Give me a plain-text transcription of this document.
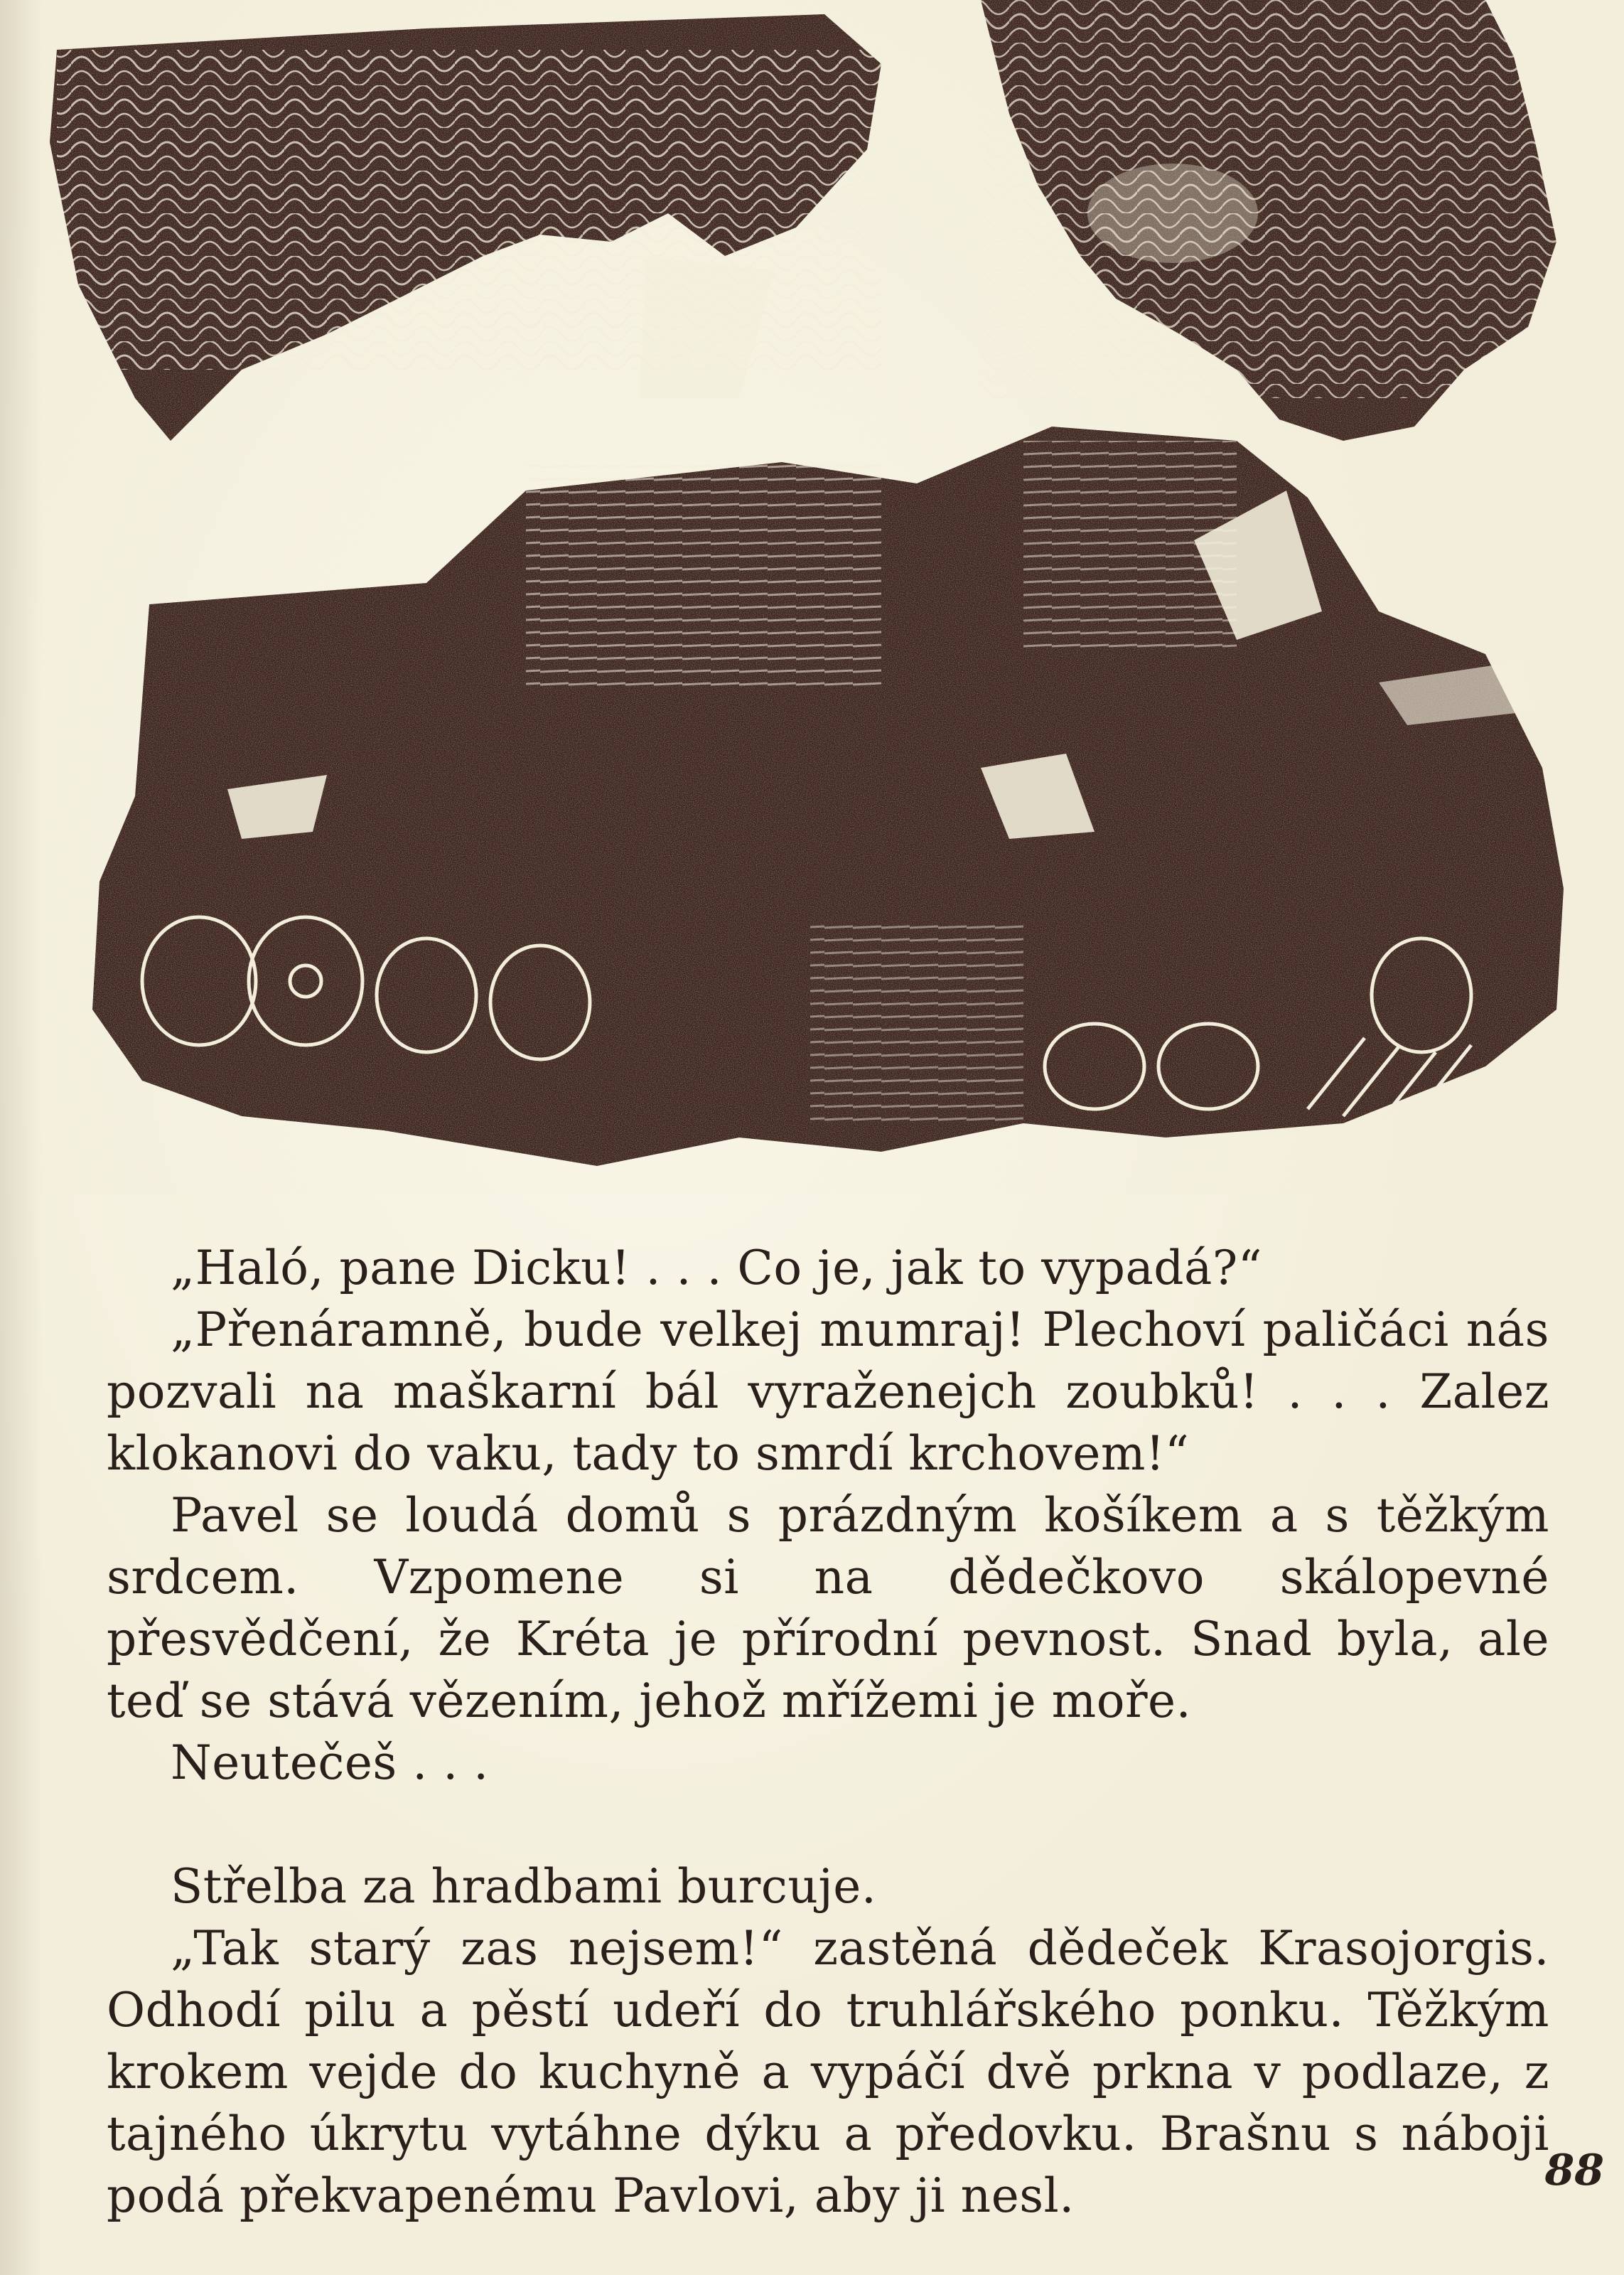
„Haló, pane Dicku! . . . Co je, jak to vypadá?“

„Přenáramně, bude velkej mumraj! Plechoví paličáci nás pozvali na maškarní bál vyraženejch zoubků! . . . Zalez klokanovi do vaku, tady to smrdí krchovem!“

Pavel se loudá domů s prázdným košíkem a s těžkým srdcem. Vzpomene si na dědečkovo skálopevné přesvědčení, že Kréta je přírodní pevnost. Snad byla, ale teď se stává vězením, jehož mřížemi je moře.

Neutečeš . . .

Střelba za hradbami burcuje.

„Tak starý zas nejsem!“ zastěná dědeček Krasojorgis. Odhodí pilu a pěstí udeří do truhlářského ponku. Těžkým krokem vejde do kuchyně a vypáčí dvě prkna v podlaze, z tajného úkrytu vytáhne dýku a předovku. Brašnu s náboji podá překvapenému Pavlovi, aby ji nesl.	88
